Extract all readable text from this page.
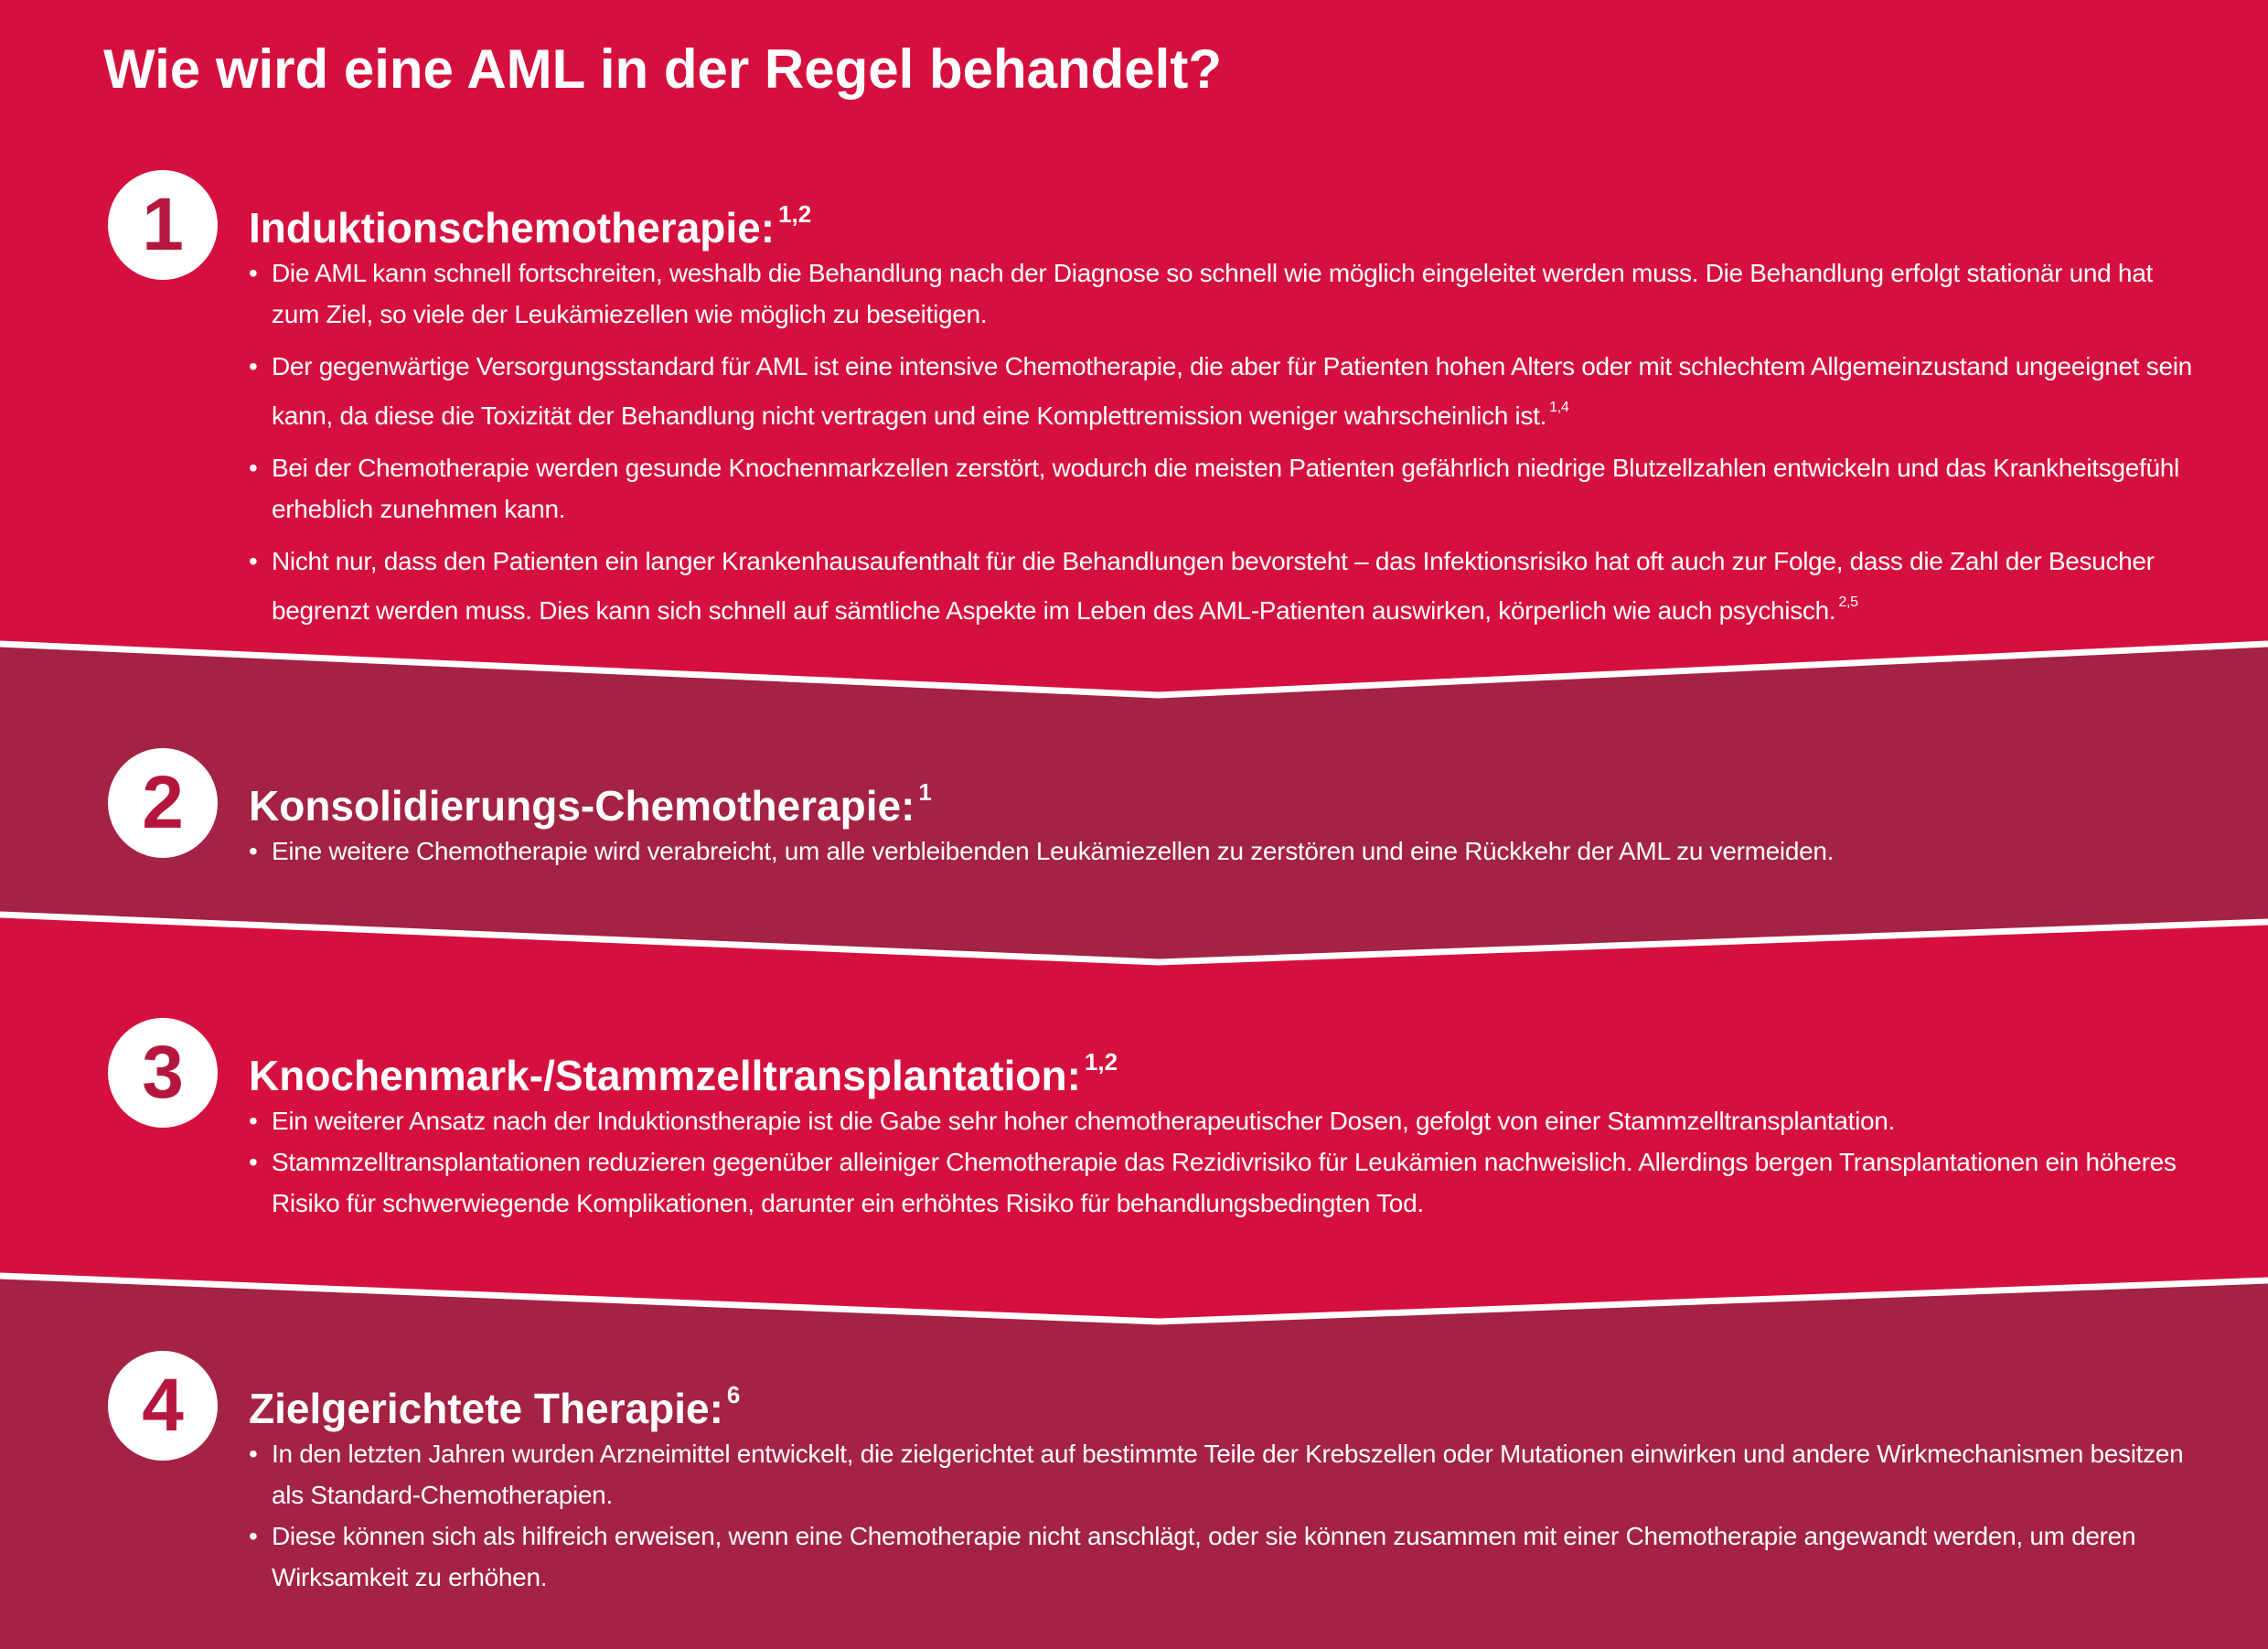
Wie wird eine AML in der Regel behandelt?
1	Induktionschemotherapie: $^{1,2}$
• Die AML kann schnell fortschreiten, weshalb die Behandlung nach der Diagnose so schnell wie möglich eingeleitet werden muss. Die Behandlung erfolgt stationär und hat zum Ziel, so viele der Leukämiezellen wie möglich zu beseitigen.
• Der gegenwärtige Versorgungsstandard für AML ist eine intensive Chemotherapie, die aber für Patienten hohen Alters oder mit schlechtem Allgemeinzustand ungeeignet sein kann, da diese die Toxizität der Behandlung nicht vertragen und eine Komplettremission weniger wahrscheinlich ist. $^{1,4}$
• Bei der Chemotherapie werden gesunde Knochenmarkzellen zerstört, wodurch die meisten Patienten gefährlich niedrige Blutzellzahlen entwickeln und das Krankheitsgefühl erheblich zunehmen kann.
• Nicht nur, dass den Patienten ein langer Krankenhausaufenthalt für die Behandlungen bevorsteht – das Infektionsrisiko hat oft auch zur Folge, dass die Zahl der Besucher begrenzt werden muss. Dies kann sich schnell auf sämtliche Aspekte im Leben des AML-Patienten auswirken, körperlich wie auch psychisch. $^{2,5}$
2	Konsolidierungs-Chemotherapie: $^1$
• Eine weitere Chemotherapie wird verabreicht, um alle verbleibenden Leukämiezellen zu zerstören und eine Rückkehr der AML zu vermeiden.
3	Knochenmark-/Stammzelltransplantation: $^{1,2}$
• Ein weiterer Ansatz nach der Induktionstherapie ist die Gabe sehr hoher chemotherapeutischer Dosen, gefolgt von einer Stammzelltransplantation.
• Stammzelltransplantationen reduzieren gegenüber alleiniger Chemotherapie das Rezidivrisiko für Leukämien nachweislich. Allerdings bergen Transplantationen ein höheres Risiko für schwerwiegende Komplikationen, darunter ein erhöhtes Risiko für behandlungsbedingten Tod.
4	Zielgerichtete Therapie: $^6$
• In den letzten Jahren wurden Arzneimittel entwickelt, die zielgerichtet auf bestimmte Teile der Krebszellen oder Mutationen einwirken und andere Wirkmechanismen besitzen als Standard-Chemotherapien.
• Diese können sich als hilfreich erweisen, wenn eine Chemotherapie nicht anschlägt, oder sie können zusammen mit einer Chemotherapie angewandt werden, um deren Wirksamkeit zu erhöhen.
